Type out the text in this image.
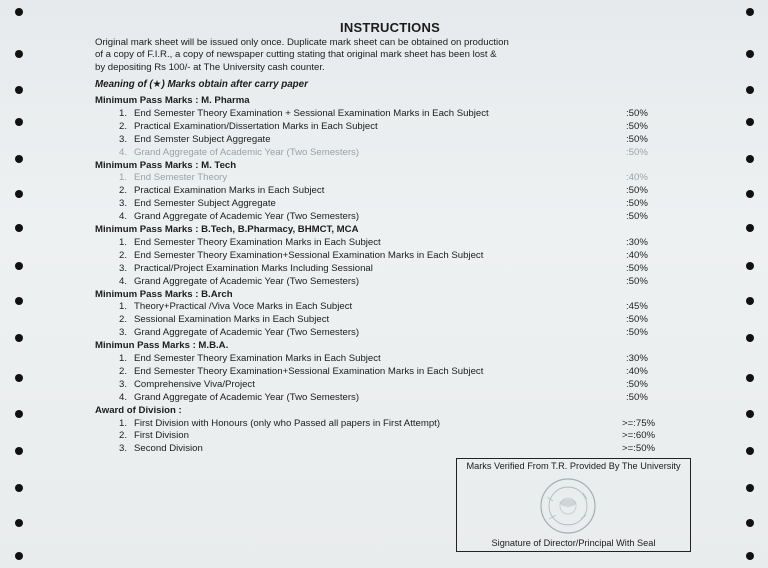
INSTRUCTIONS
Original mark sheet will be issued only once. Duplicate mark sheet can be obtained on production
of a copy of F.I.R., a copy of newspaper cutting stating that original mark sheet has been lost &
by depositing Rs 100/- at The University cash counter.
Meaning of (★) Marks obtain after carry paper
Minimum Pass Marks : M. Pharma
1. End Semester Theory Examination + Sessional Examination Marks in Each Subject	:50%
2. Practical Examination/Dissertation Marks in Each Subject	:50%
3. End Semster Subject Aggregate	:50%
4. Grand Aggregate of Academic Year (Two Semesters)	:50%
Minimum Pass Marks : M. Tech
1. End Semester Theory	:40%
2. Practical Examination Marks in Each Subject	:50%
3. End Semester Subject Aggregate	:50%
4. Grand Aggregate of Academic Year (Two Semesters)	:50%
Minimum Pass Marks : B.Tech, B.Pharmacy, BHMCT, MCA
1. End Semester Theory Examination Marks in Each Subject	:30%
2. End Semester Theory Examination+Sessional Examination Marks in Each Subject	:40%
3. Practical/Project Examination Marks Including Sessional	:50%
4. Grand Aggregate of Academic Year (Two Semesters)	:50%
Minimum Pass Marks : B.Arch
1. Theory+Practical /Viva Voce Marks in Each Subject	:45%
2. Sessional Examination Marks in Each Subject	:50%
3. Grand Aggregate of Academic Year (Two Semesters)	:50%
Minimun Pass Marks : M.B.A.
1. End Semester Theory Examination Marks in Each Subject	:30%
2. End Semester Theory Examination+Sessional Examination Marks in Each Subject	:40%
3. Comprehensive Viva/Project	:50%
4. Grand Aggregate of Academic Year (Two Semesters)	:50%
Award of Division :
1. First Division with Honours (only who Passed all papers in First Attempt)	>=:75%
2. First Division	>=:60%
3. Second Division	>=:50%
Marks Verified From T.R. Provided By The University
Signature of Director/Principal With Seal
